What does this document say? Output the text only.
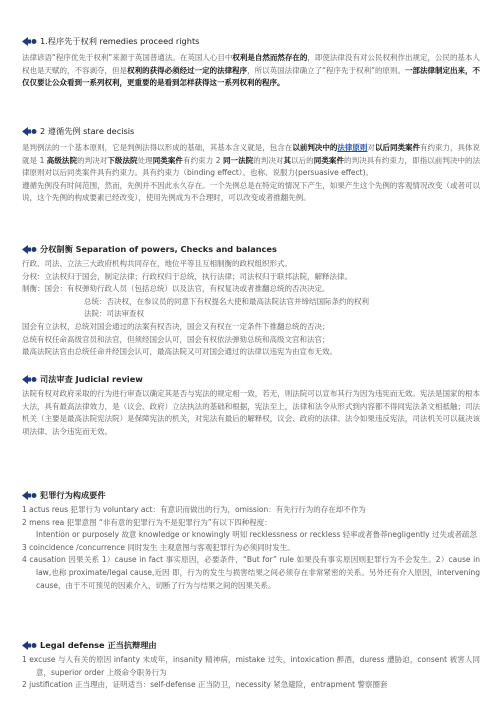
1.程序先于权利 remedies proceed rights

法律谚语“程序优先于权利”来源于英国普通法。在英国人心目中权利是自然而然存在的，即使法律没有对公民权利作出规定，公民的基本人权也是天赋的，不容剥夺，但是权利的获得必须经过一定的法律程序，所以英国法律确立了“程序先于权利”的原则。一部法律制定出来，不仅仅要让公众看到一系列权利，更重要的是看到怎样获得这一系列权利的程序。

2 遵循先例 stare decisis

是判例法的一个基本原则，它是判例法得以形成的基础，其基本含义就是，包含在以前判决中的法律原则对以后同类案件有约束力，具体说就是 1 高级法院的判决对下级法院处理同类案件有约束力 2 同一法院的判决对其以后的同类案件的判决具有约束力，即指以前判决中的法律原则对以后同类案件具有约束力。具有约束力（binding effect）。也称、说服力(persuasive effect)。

遵循先例没有时间范围，然而，先例并不因此永久存在。一个先例总是在特定的情况下产生，如果产生这个先例的客观情况改变（或者可以说，这个先例的构成要素已经改变），使用先例成为不合理时，可以改变或者推翻先例。

分权制衡 Separation of powers, Checks and balances
行政、司法、立法三大政府机构共同存在，地位平等且互相制衡的政权组织形式。
分权：立法权归于国会，制定法律；行政权归于总统，执行法律；司法权归于联邦法院，解释法律。
制衡：国会：有权弹劾行政人员（包括总统）以及法官，有权复决或者推翻总统的否决决定。
总统：否决权，在参议员的同意下有权提名大使和最高法院法官并缔结国际条约的权利
法院：司法审查权
国会有立法权，总统对国会通过的法案有权否决，国会又有权在一定条件下推翻总统的否决；
总统有权任命高级官员和法官，但须经国会认可，国会有权依法弹劾总统和高级文官和法官；
最高法院法官由总统任命并经国会认可，最高法院又可对国会通过的法律以违宪为由宣布无效。
司法审查 Judicial review

法院有权对政府采取的行为进行审查以确定其是否与宪法的规定相一致，若无，则法院可以宣布其行为因为违宪而无效。宪法是国家的根本大法，具有最高法律效力，是（议会、政府）立法执法的基础和根据，宪法至上，法律和法令从形式到内容都不得同宪法条文相抵触；司法机关（主要是最高法院宪法院）是保障宪法的机关，对宪法有最后的解释权，议会、政府的法律、法令如果违反宪法，司法机关可以裁决该项法律、法令违宪而无效。

犯罪行为构成要件
1 actus reus 犯罪行为 voluntary act：有意识而做出的行为，omission：有先行行为的存在却不作为
2 mens rea 犯罪意图 “非有意的犯罪行为不是犯罪行为”有以下四种程度：
Intention or purposely 故意 knowledge or knowingly 明知 recklessness or reckless 轻率或者鲁莽negligently 过失或者疏忽
3 coincidence /concurrence 同时发生 主观意图与客观犯罪行为必须同时发生。
4 causation 因果关系 1）cause in fact 事实原因，必要条件，“But for” rule 如果没有事实原因则犯罪行为不会发生。2）cause in law,也称 proximate/legal cause,近因 即，行为的发生与损害结果之间必须存在非常紧密的关系。另外还有介入原因，intervening cause，由于不可预见的因素介入，切断了行为与结果之间的因果关系。
Legal defense 正当抗辩理由
1 excuse 与人有关的原因 infanty 未成年，insanity 精神病，mistake 过失，intoxication 醉酒，duress 遭胁迫，consent 被害人同意，superior order 上级命令职务行为
2 justification 正当理由，证明适当：self-defense 正当防卫，necessity 紧急避险，entrapment 警察圈套
